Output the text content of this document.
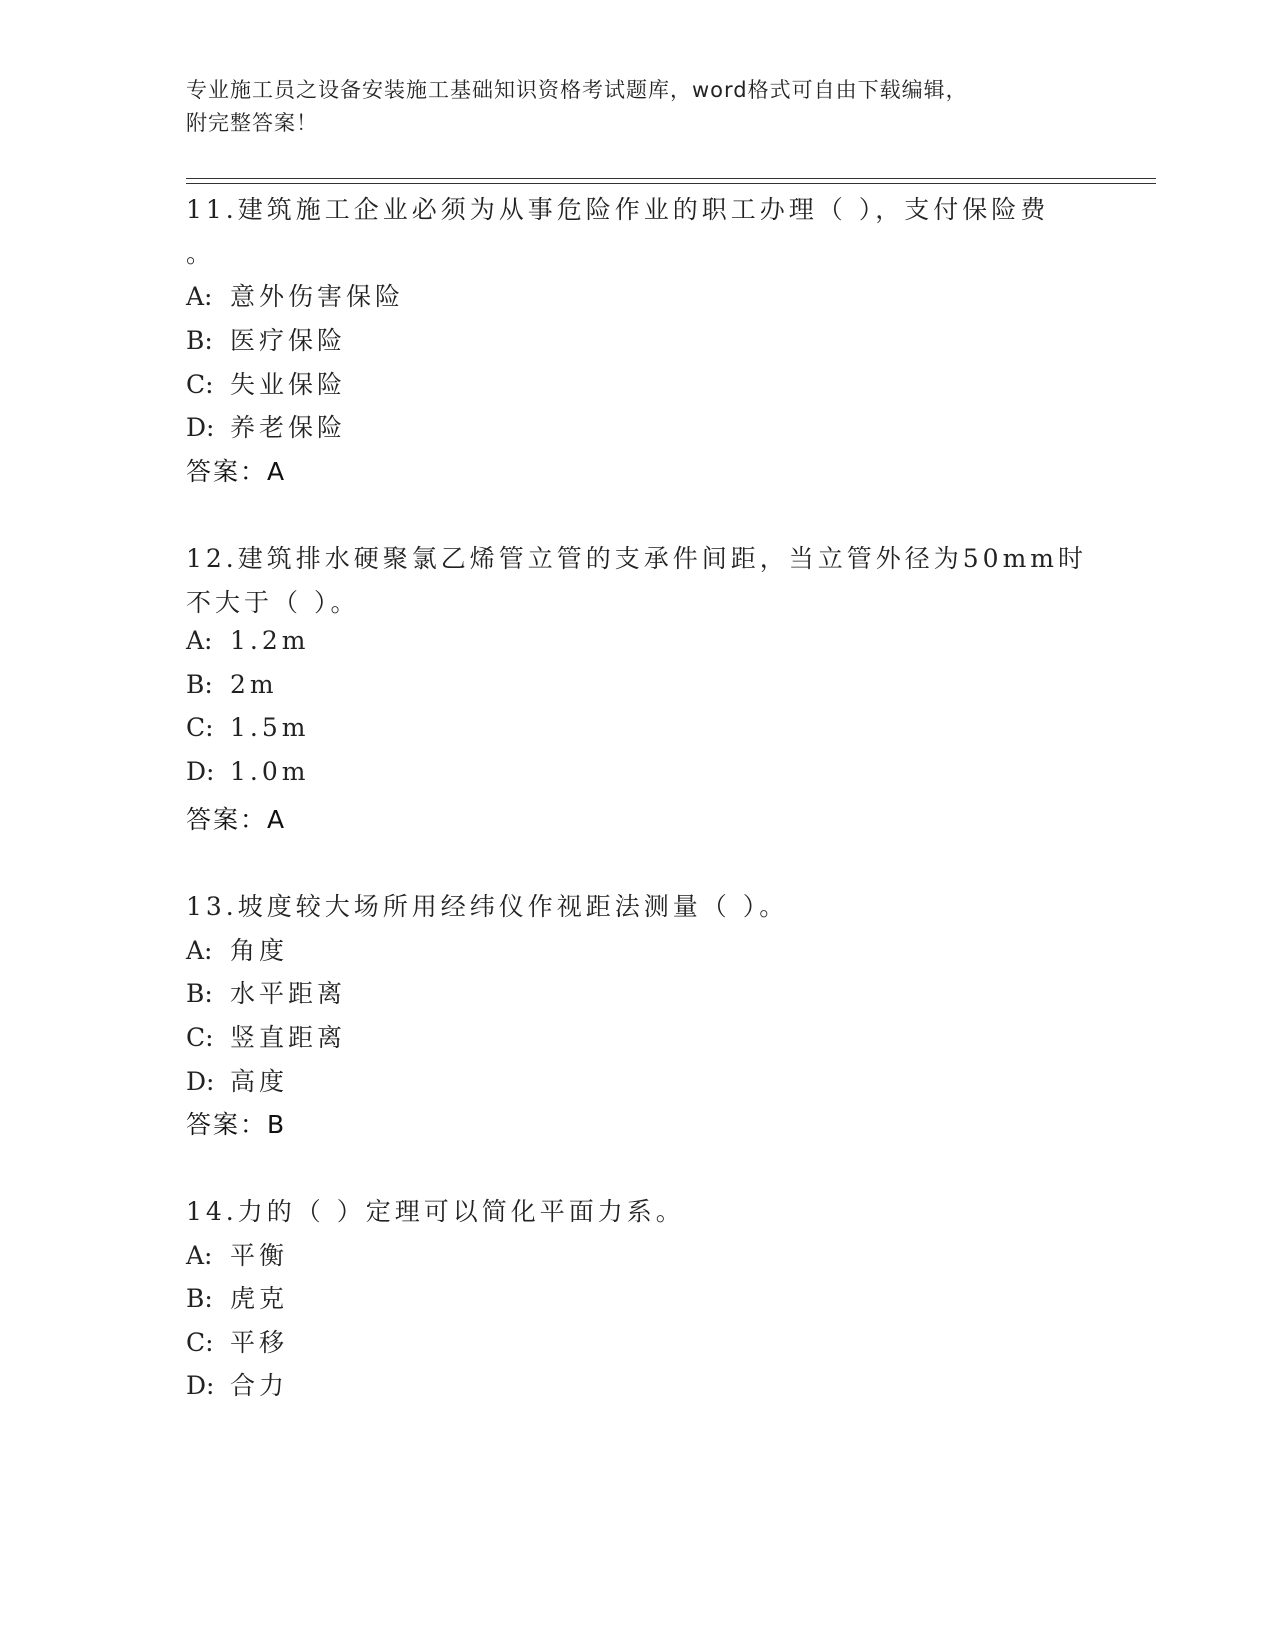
专业施工员之设备安装施工基础知识资格考试题库，word格式可自由下载编辑，
附完整答案！
11.建筑施工企业必须为从事危险作业的职工办理（ ），支付保险费
。
A: 意外伤害保险
B: 医疗保险
C: 失业保险
D: 养老保险
答案：A
12.建筑排水硬聚氯乙烯管立管的支承件间距，当立管外径为50mm时
不大于（ ）。
A: 1.2m
B: 2m
C: 1.5m
D: 1.0m
答案：A
13.坡度较大场所用经纬仪作视距法测量（ ）。
A: 角度
B: 水平距离
C: 竖直距离
D: 高度
答案：B
14.力的（ ）定理可以简化平面力系。
A: 平衡
B: 虎克
C: 平移
D: 合力
